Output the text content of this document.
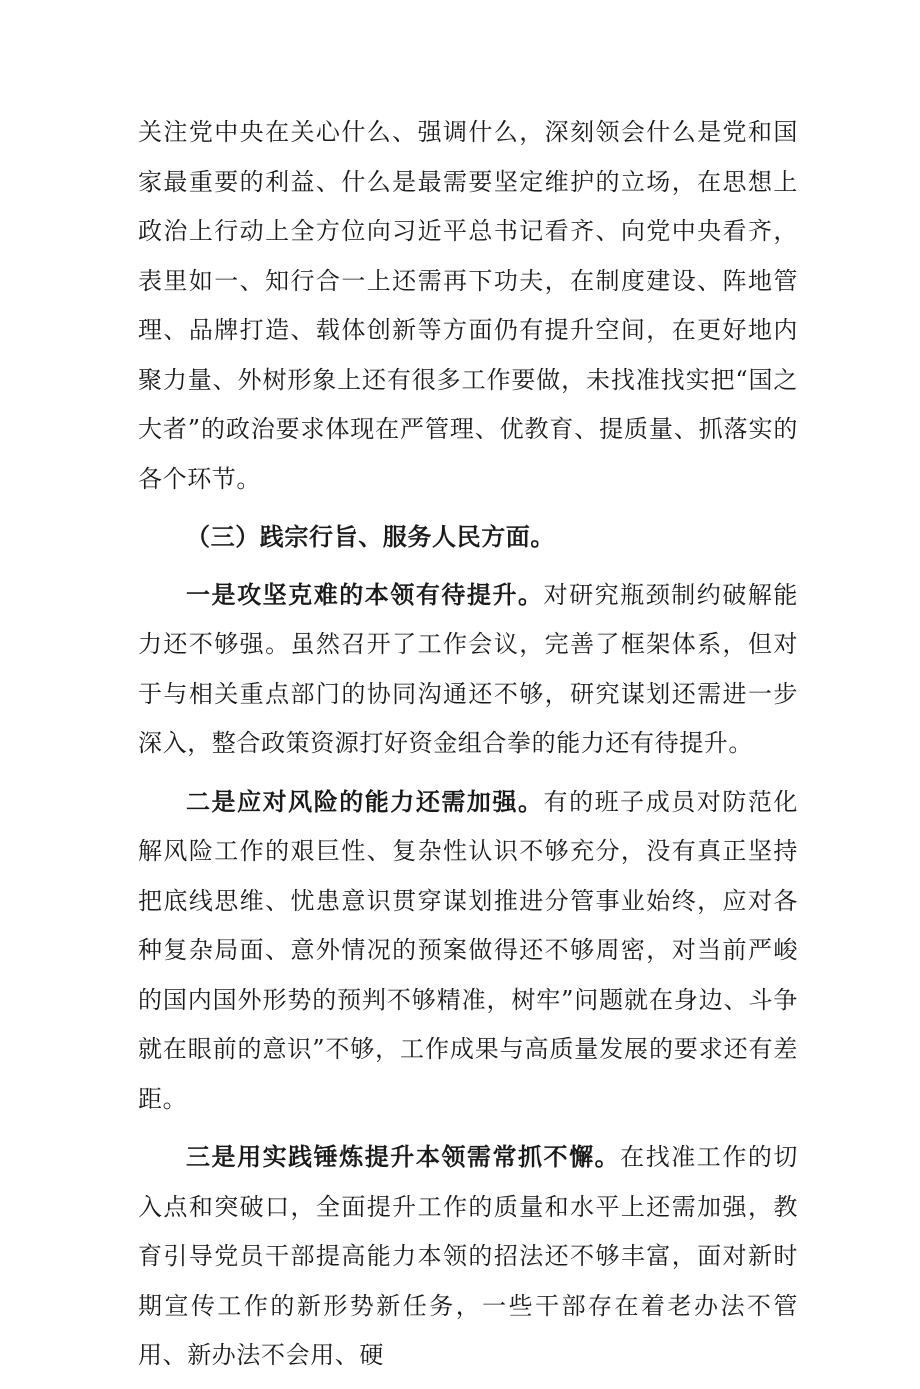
关注党中央在关心什么、强调什么，深刻领会什么是党和国家最重要的利益、什么是最需要坚定维护的立场，在思想上政治上行动上全方位向习近平总书记看齐、向党中央看齐，表里如一、知行合一上还需再下功夫，在制度建设、阵地管理、品牌打造、载体创新等方面仍有提升空间，在更好地内聚力量、外树形象上还有很多工作要做，未找准找实把“国之大者”的政治要求体现在严管理、优教育、提质量、抓落实的各个环节。

（三）践宗行旨、服务人民方面。

一是攻坚克难的本领有待提升。对研究瓶颈制约破解能力还不够强。虽然召开了工作会议，完善了框架体系，但对于与相关重点部门的协同沟通还不够，研究谋划还需进一步深入，整合政策资源打好资金组合拳的能力还有待提升。

二是应对风险的能力还需加强。有的班子成员对防范化解风险工作的艰巨性、复杂性认识不够充分，没有真正坚持把底线思维、忧患意识贯穿谋划推进分管事业始终，应对各种复杂局面、意外情况的预案做得还不够周密，对当前严峻的国内国外形势的预判不够精准，树牢”问题就在身边、斗争就在眼前的意识”不够，工作成果与高质量发展的要求还有差距。

三是用实践锤炼提升本领需常抓不懈。在找准工作的切入点和突破口，全面提升工作的质量和水平上还需加强，教育引导党员干部提高能力本领的招法还不够丰富，面对新时期宣传工作的新形势新任务，一些干部存在着老办法不管用、新办法不会用、硬
